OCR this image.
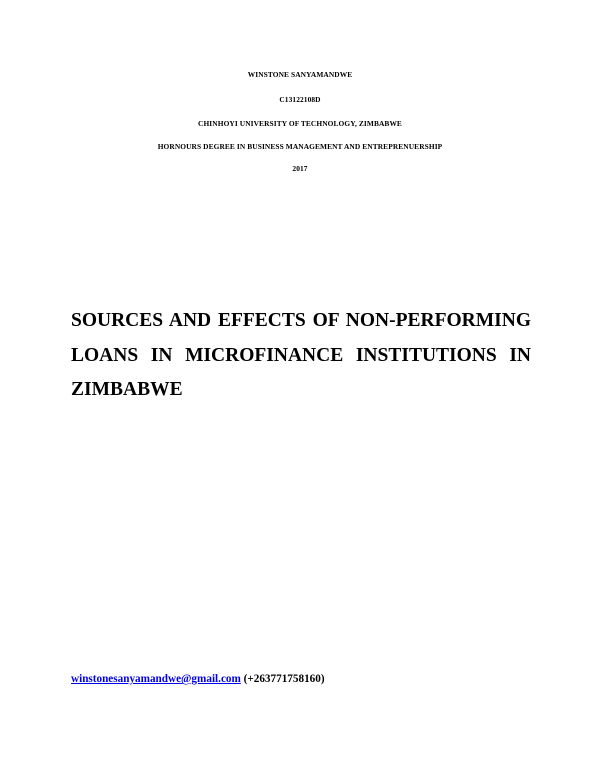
WINSTONE SANYAMANDWE
C13122108D
CHINHOYI UNIVERSITY OF TECHNOLOGY, ZIMBABWE
HORNOURS DEGREE IN BUSINESS MANAGEMENT AND ENTREPRENUERSHIP
2017
SOURCES AND EFFECTS OF NON-PERFORMING
LOANS IN MICROFINANCE INSTITUTIONS IN
ZIMBABWE
winstonesanyamandwe@gmail.com (+263771758160)
